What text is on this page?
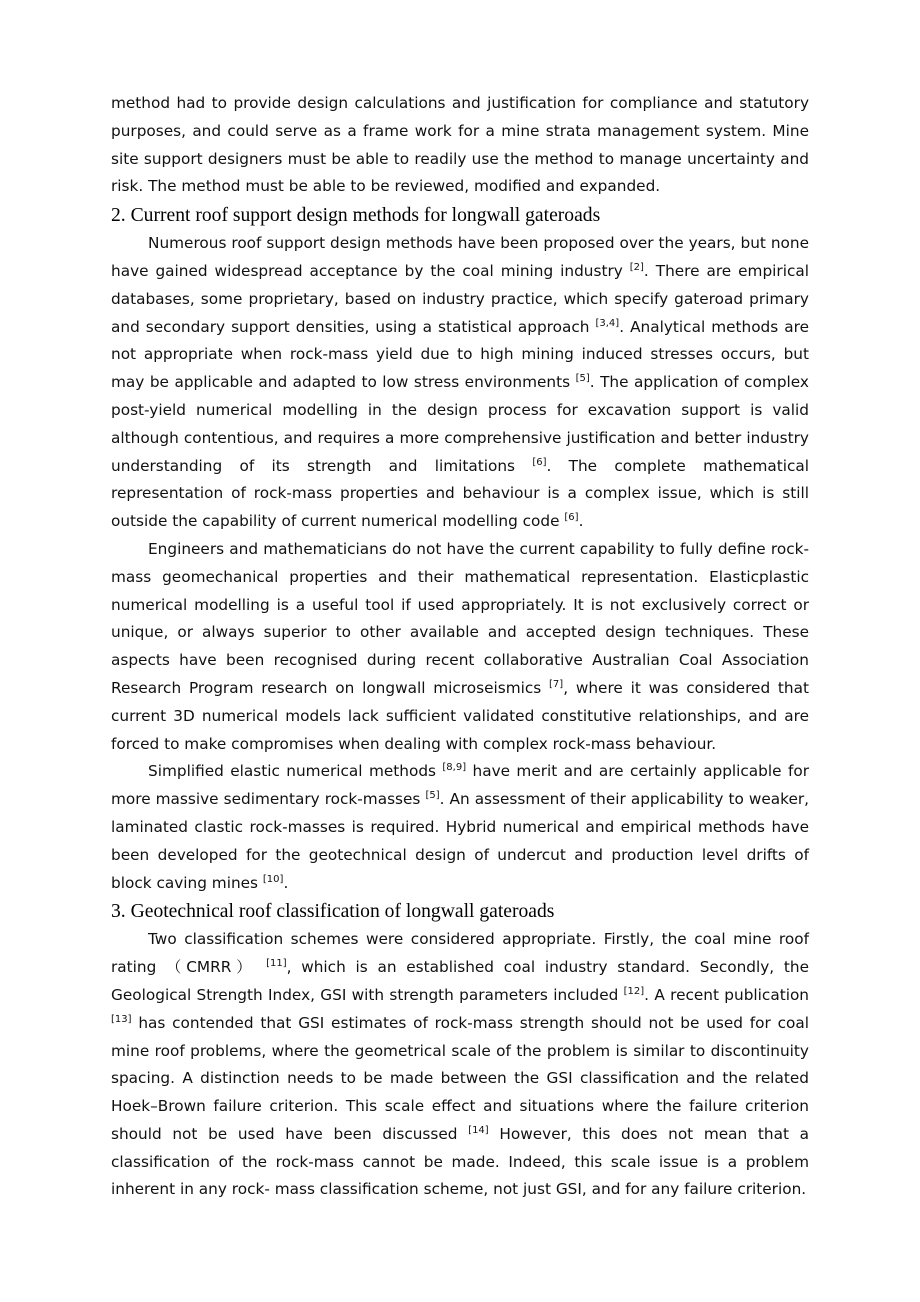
method had to provide design calculations and justification for compliance and statutory purposes, and could serve as a frame work for a mine strata management system. Mine site support designers must be able to readily use the method to manage uncertainty and risk. The method must be able to be reviewed, modified and expanded.

2. Current roof support design methods for longwall gateroads

Numerous roof support design methods have been proposed over the years, but none have gained widespread acceptance by the coal mining industry [2]. There are empirical databases, some proprietary, based on industry practice, which specify gateroad primary and secondary support densities, using a statistical approach [3,4]. Analytical methods are not appropriate when rock-mass yield due to high mining induced stresses occurs, but may be applicable and adapted to low stress environments [5]. The application of complex post-yield numerical modelling in the design process for excavation support is valid although contentious, and requires a more comprehensive justification and better industry understanding of its strength and limitations [6]. The complete mathematical representation of rock-mass properties and behaviour is a complex issue, which is still outside the capability of current numerical modelling code [6].

Engineers and mathematicians do not have the current capability to fully define rock-mass geomechanical properties and their mathematical representation. Elasticplastic numerical modelling is a useful tool if used appropriately. It is not exclusively correct or unique, or always superior to other available and accepted design techniques. These aspects have been recognised during recent collaborative Australian Coal Association Research Program research on longwall microseismics [7], where it was considered that current 3D numerical models lack sufficient validated constitutive relationships, and are forced to make compromises when dealing with complex rock-mass behaviour.

Simplified elastic numerical methods [8,9] have merit and are certainly applicable for more massive sedimentary rock-masses [5]. An assessment of their applicability to weaker, laminated clastic rock-masses is required. Hybrid numerical and empirical methods have been developed for the geotechnical design of undercut and production level drifts of block caving mines [10].

3. Geotechnical roof classification of longwall gateroads

Two classification schemes were considered appropriate. Firstly, the coal mine roof rating （CMRR） [11], which is an established coal industry standard. Secondly, the Geological Strength Index, GSI with strength parameters included [12]. A recent publication [13] has contended that GSI estimates of rock-mass strength should not be used for coal mine roof problems, where the geometrical scale of the problem is similar to discontinuity spacing. A distinction needs to be made between the GSI classification and the related Hoek–Brown failure criterion. This scale effect and situations where the failure criterion should not be used have been discussed [14] However, this does not mean that a classification of the rock-mass cannot be made. Indeed, this scale issue is a problem inherent in any rock- mass classification scheme, not just GSI, and for any failure criterion.
